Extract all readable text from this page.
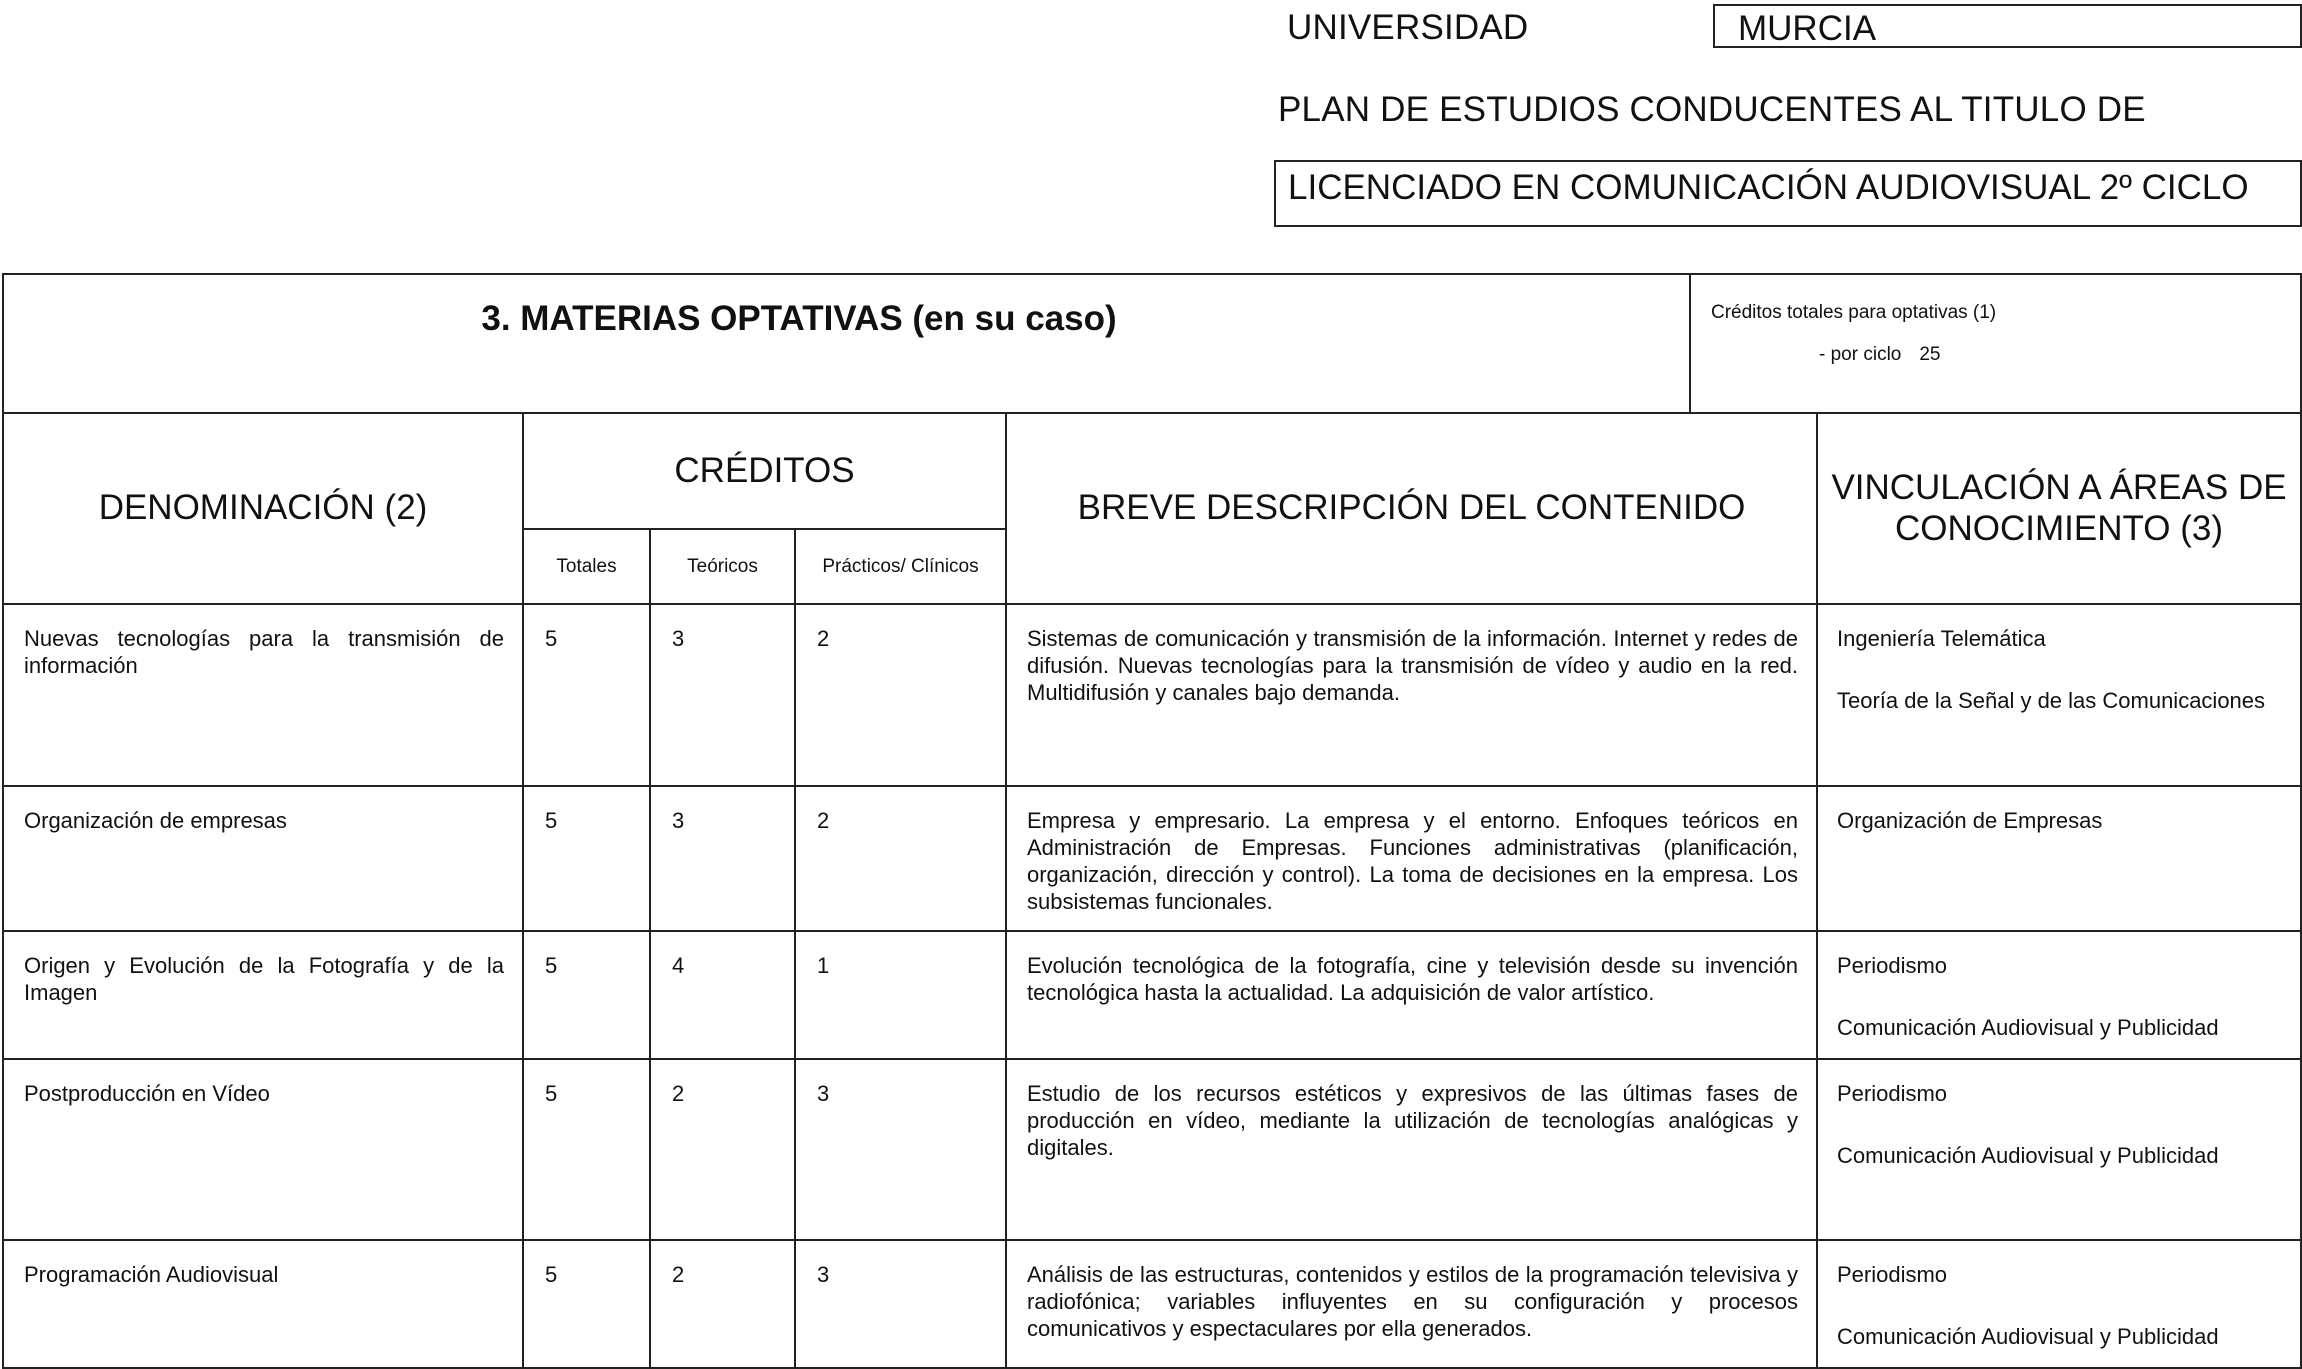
UNIVERSIDAD	MURCIA
PLAN DE ESTUDIOS CONDUCENTES AL TITULO DE
LICENCIADO EN COMUNICACIÓN AUDIOVISUAL 2º CICLO
3. MATERIAS OPTATIVAS (en su caso)					Créditos totales para optativas (1)
- por ciclo 25	

DENOMINACIÓN (2)	CRÉDITOS			BREVE DESCRIPCIÓN DEL CONTENIDO		VINCULACIÓN A ÁREAS DE CONOCIMIENTO (3)
	Totales	Teóricos	Prácticos/ Clínicos			
Nuevas tecnologías para la transmisión de información	5	3	2	Sistemas de comunicación y transmisión de la información. Internet y redes de difusión. Nuevas tecnologías para la transmisión de vídeo y audio en la red. Multidifusión y canales bajo demanda.		Ingeniería Telemática
Teoría de la Señal y de las Comunicaciones

Organización de empresas	5	3	2	Empresa y empresario. La empresa y el entorno. Enfoques teóricos en Administración de Empresas. Funciones administrativas (planificación, organización, dirección y control). La toma de decisiones en la empresa. Los subsistemas funcionales.		Organización de Empresas

Origen y Evolución de la Fotografía y de la Imagen	5	4	1	Evolución tecnológica de la fotografía, cine y televisión desde su invención tecnológica hasta la actualidad. La adquisición de valor artístico.		Periodismo
Comunicación Audiovisual y Publicidad

Postproducción en Vídeo	5	2	3	Estudio de los recursos estéticos y expresivos de las últimas fases de producción en vídeo, mediante la utilización de tecnologías analógicas y digitales.		Periodismo
Comunicación Audiovisual y Publicidad

Programación Audiovisual	5	2	3	Análisis de las estructuras, contenidos y estilos de la programación televisiva y radiofónica; variables influyentes en su configuración y procesos comunicativos y espectaculares por ella generados.		Periodismo
Comunicación Audiovisual y Publicidad
